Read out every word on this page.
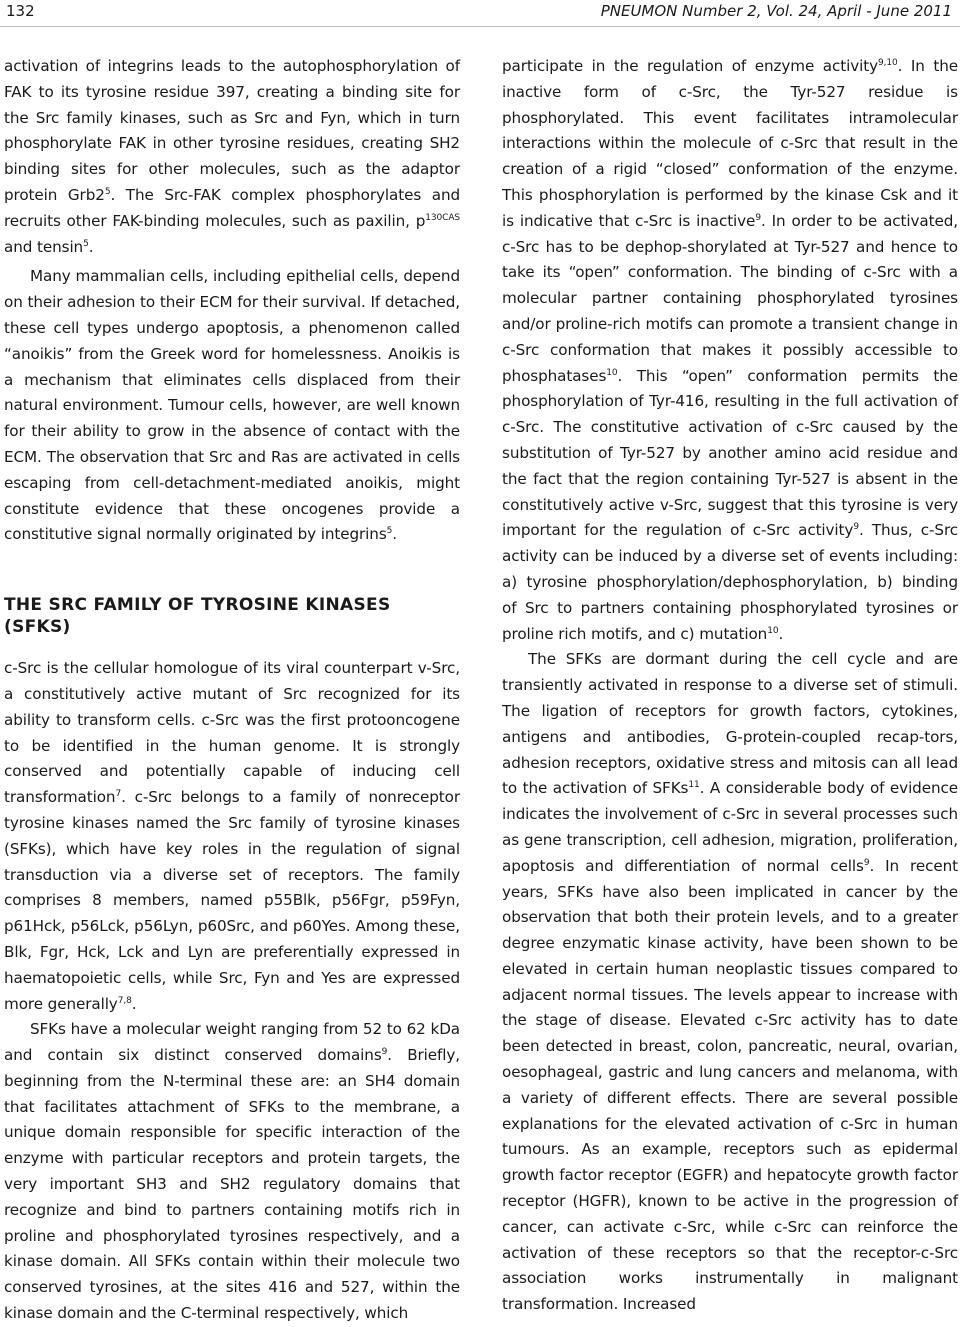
132	PNEUMON Number 2, Vol. 24, April - June 2011

activation of integrins leads to the autophosphorylation of FAK to its tyrosine residue 397, creating a binding site for the Src family kinases, such as Src and Fyn, which in turn phosphorylate FAK in other tyrosine residues, creating SH2 binding sites for other molecules, such as the adaptor protein $Grb2^5$. The Src-FAK complex phosphorylates and recruits other FAK-binding molecules, such as paxilin, $p^{130CAS}$ and tensin$^5$.

Many mammalian cells, including epithelial cells, depend on their adhesion to their ECM for their survival. If detached, these cell types undergo apoptosis, a phenomenon called “anoikis” from the Greek word for homelessness. Anoikis is a mechanism that eliminates cells displaced from their natural environment. Tumour cells, however, are well known for their ability to grow in the absence of contact with the ECM. The observation that Src and Ras are activated in cells escaping from cell-detachment-mediated anoikis, might constitute evidence that these oncogenes provide a constitutive signal normally originated by integrins$^5$.

THE SRC FAMILY OF TYROSINE KINASES (SFKS)

c-Src is the cellular homologue of its viral counterpart v-Src, a constitutively active mutant of Src recognized for its ability to transform cells. c-Src was the first protooncogene to be identified in the human genome. It is strongly conserved and potentially capable of inducing cell transformation$^7$. c-Src belongs to a family of nonreceptor tyrosine kinases named the Src family of tyrosine kinases (SFKs), which have key roles in the regulation of signal transduction via a diverse set of receptors. The family comprises 8 members, named p55Blk, p56Fgr, p59Fyn, p61Hck, p56Lck, p56Lyn, p60Src, and p60Yes. Among these, Blk, Fgr, Hck, Lck and Lyn are preferentially expressed in haematopoietic cells, while Src, Fyn and Yes are expressed more generally$^{7,8}$.

SFKs have a molecular weight ranging from 52 to 62 kDa and contain six distinct conserved domains$^9$. Briefly, beginning from the N-terminal these are: an SH4 domain that facilitates attachment of SFKs to the membrane, a unique domain responsible for specific interaction of the enzyme with particular receptors and protein targets, the very important SH3 and SH2 regulatory domains that recognize and bind to partners containing motifs rich in proline and phosphorylated tyrosines respectively, and a kinase domain. All SFKs contain within their molecule two conserved tyrosines, at the sites 416 and 527, within the kinase domain and the C-terminal respectively, which

participate in the regulation of enzyme activity$^{9,10}$. In the inactive form of c-Src, the Tyr-527 residue is phosphorylated. This event facilitates intramolecular interactions within the molecule of c-Src that result in the creation of a rigid “closed” conformation of the enzyme. This phosphorylation is performed by the kinase Csk and it is indicative that c-Src is inactive$^9$. In order to be activated, c-Src has to be dephop-shorylated at Tyr-527 and hence to take its “open” conformation. The binding of c-Src with a molecular partner containing phosphorylated tyrosines and/or proline-rich motifs can promote a transient change in c-Src conformation that makes it possibly accessible to phosphatases$^{10}$. This “open” conformation permits the phosphorylation of Tyr-416, resulting in the full activation of c-Src. The constitutive activation of c-Src caused by the substitution of Tyr-527 by another amino acid residue and the fact that the region containing Tyr-527 is absent in the constitutively active v-Src, suggest that this tyrosine is very important for the regulation of c-Src activity$^9$. Thus, c-Src activity can be induced by a diverse set of events including: a) tyrosine phosphorylation/dephosphorylation, b) binding of Src to partners containing phosphorylated tyrosines or proline rich motifs, and c) mutation$^{10}$.

The SFKs are dormant during the cell cycle and are transiently activated in response to a diverse set of stimuli. The ligation of receptors for growth factors, cytokines, antigens and antibodies, G-protein-coupled recap-tors, adhesion receptors, oxidative stress and mitosis can all lead to the activation of SFKs$^{11}$. A considerable body of evidence indicates the involvement of c-Src in several processes such as gene transcription, cell adhesion, migration, proliferation, apoptosis and differentiation of normal cells$^9$. In recent years, SFKs have also been implicated in cancer by the observation that both their protein levels, and to a greater degree enzymatic kinase activity, have been shown to be elevated in certain human neoplastic tissues compared to adjacent normal tissues. The levels appear to increase with the stage of disease. Elevated c-Src activity has to date been detected in breast, colon, pancreatic, neural, ovarian, oesophageal, gastric and lung cancers and melanoma, with a variety of different effects. There are several possible explanations for the elevated activation of c-Src in human tumours. As an example, receptors such as epidermal growth factor receptor (EGFR) and hepatocyte growth factor receptor (HGFR), known to be active in the progression of cancer, can activate c-Src, while c-Src can reinforce the activation of these receptors so that the receptor-c-Src association works instrumentally in malignant transformation. Increased
